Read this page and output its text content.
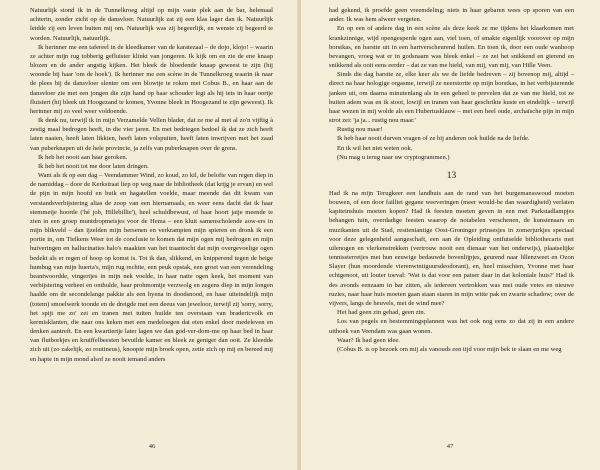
Natuurlijk stond ik in de Tunnelkroeg altijd op mijn vaste plek aan de bar, helemaal achterin, zonder zicht op de dansvloer. Natuurlijk zat zij een klas lager dan ik. Natuurlijk leidde zij een leven buiten mij om. Natuurlijk was zij begeerlijk, en wenste zij begeerd te worden. Natuurlijk, natuurlijk.

Ik herinner me een tafereel in de kleedkamer van de karatezaal – de dojo, klojo! – waarin ze achter mijn rug tobberig gefluister klinkt van jongeren. Ik kijk om en zie de ene knaap blozen en de ander angstig kijken. Het bleek de bloedende knaap geweest te zijn (hij woonde bij haar 'om de hoek'). Ik herinner me een scène in de Tunnelkroeg waarin ik naar de plees bij de dansvloer slenter om een blowtje te roken met Cobus B., en haar aan de dansvloer zie met een jongen die zijn hand op haar schouder legt als hij iets in haar oortje fluistert (hij bleek uit Hoogezand te komen, Yvonne bleek in Hoogezand te zijn geweest). Ik herinner mij zo veel weer voldoende.

Ik denk nu, terwijl ik in mijn Verzamelde Vellen blader, dat ze me al met al zo'n vijftig à zestig maal bedrogen heeft, in die vier jaren. En met bedriegen bedoel ik dat ze zich heeft laten naaien, heeft laten likkien, heeft laten volspuiten, heeft laten inwrijven met het zaad van puberknapen uit de hele provincie, ja zelfs van puberknapen over de grens.

Ik heb het nooit aan haar geroken.

Ik heb het nooit tot me door laten dringen.

Want als ik op een dag – Veendammer Wind, zo koud, zo kil, de belofte van regen diep in de namiddag – door de Kerkstraat liep op weg naar de bibliotheek (dat krijg je ervan) en wel de pijn in mijn hoofd en buik en hagatellen voelde, maar meende dat dit kwam van verstandsverbijstering alias de zoop van een hiernamaals, en weer eens dacht dat ik haar stemmetje hoorde ('hé job, Hillebillie'), heel schuldbewust, of haar hoort jaije meende te zien in een groep muntdropmeisjes voor de Hema – een kluit samenscholende aow-ers in mijn blikveld – dan ijzelden mijn hersenen en verkrampten mijn spieren en dronk ik een portie in, om Tielkens Weer tot de conclusie te komen dat mijn ogen mij bedrogen en mijn huiveringen en hallucinaties halo's maakten van het traantocht dat mijn overgevoelige ogen bedekt als er regen of hoop op komst is. Tot ik dan, slikkend, en knipperend tegen de beige humbug van mijn huerta's, mijn rug rechtte, een peuk opstak, een groet van een verendeling beantwoordde, vingertjes in mijn nek voelde, in haar natte ogen keek, het moment van verbijstering verheet en onthulde, haar prohmomtje verzwolg en zegens diep in mijn longen haalde om de secondelange pakkie als een hyena in doodsnood, en haar uiteindelijk mijn (totem) smoelwerk toonde en de dreigde met een deeus van jeweloor, terwijl zij 'sorry, sorry, het spijt me zo' zei en tranen met tuiten huilde ten overstaan van bradericvolk en kermisklanten, die naar ons keken met een medeloegen dat eten enkel door medeleven en denken aantreft. En een kwartiertje later lagen we dan god-ver-dom-me op haar bed in haar van flutborkjes en kruiffelbeesten bevuilde kamer en bleek ze geniger dan ooit. Ze kleedde zich uit (zo zakelijk, zo routineus), knoopte mijn broek open, zette zich op mij en bereed mij en hapte in mijn mond alsof ze nooit iemand anders

46

had gekend, ik proefde geen vreemdeling; niets in haar gebaren wees op sporen van een ander. Ik was hem alweer vergeten.

En op een of andere dag in een scène als deze keek ze me tijdens het klaarkomen met krankzinnige, wijd opengesperde ogen aan, viel toen, of smakte eigenlijk voorover op mijn borstkas, en barstte uit in een hartverscheurend huilen. En toen ik, door een oude wanhoop bevangen, vroeg wat er in godsnaam was bleek enkel – ze zei het snikkend en gierend en snikkend als ooit eens eerder – dat ze van me hield, van mij, van mij, van Hille Veen.

Sinds die dag barstte ze, elke keer als we de liefde bedreven – zij bovenop mij, altijd – direct na haar hologige orgasme, terwijl ze neerstortte op mijn borstkas, in het verbijsterende janken uit, om daarna minutenlang als in een geheel te prevelen dat ze van me hield, tot ze buiten adem was en ik stoot, lowijl en tranen van haar geschrikte kuste en eindelijk – terwijl haar wezen in mij wolde als een Hubertusklauw – met een heel oude, archaïsche pijn in mijn strot zei: 'ja ja... rustig nou maar.'

Rustig nou maar!

Ik heb haar nooit durven vragen of ze bij anderen ook huilde na de liefde.

En ik wil het niet weten ook.

(Nu mag u terug naar uw cryptogrammen.)

13

Had ik na mijn Terugkeer een landhuis aan de rand van het burgemansswoud moeten bouwen, of een door failliet gegane weeveringen (meer would-be dan waardigheid) verlaten kapiteinshuis moeten kopen? Had ik feesten moeten geven in een met Parkstadlampjes behangen tuin, overdadige feesten waarop de notabelen verschenen, de kunstenaars en muzikanten uit de Stad, restieniantige Oost-Groninger prinsesjes in zomerjurkjes speciaal voor deze gelegenheid aangeschaft, een aan de Opleiding ontfutselde bibliothecaris met uilenogen en vlerkenstrekken (vertrouw nooit een dienaar van het onderwijs), plaatselijke tennissterretjes met hun eeuwige bedauwde bovenlijpjes, geurend naar lillenzweet en Ozon Slayer (hun moordende vierenwintiguursdeodorant), en, heel misschien, Yvonne met haar echtgenoot, uit louter toeval: 'Wat is dat voor een patser daar in dat koloniale huis?' Had ik des avonds eenzaam in bar zitten, als iedereen vertrokken was met oude vetes en nieuwe ruzies, naar haar huis moeten gaan staan staren in mijn witte pak en zwarte schadow; over de vijvers, langs de heuvels, met de wind mee?

Het had geen zin gehad, geen zin.

Los van pegels en bestemmingsplannen was het ook nog eens zo dat zij in een andere uithoek van Veendam was gaan wonen.

Waar? Ik had geen idee.

(Cobus B. is op bezoek om mij als vanouds een tijd voor mijn bek te slaan en me weg

47
